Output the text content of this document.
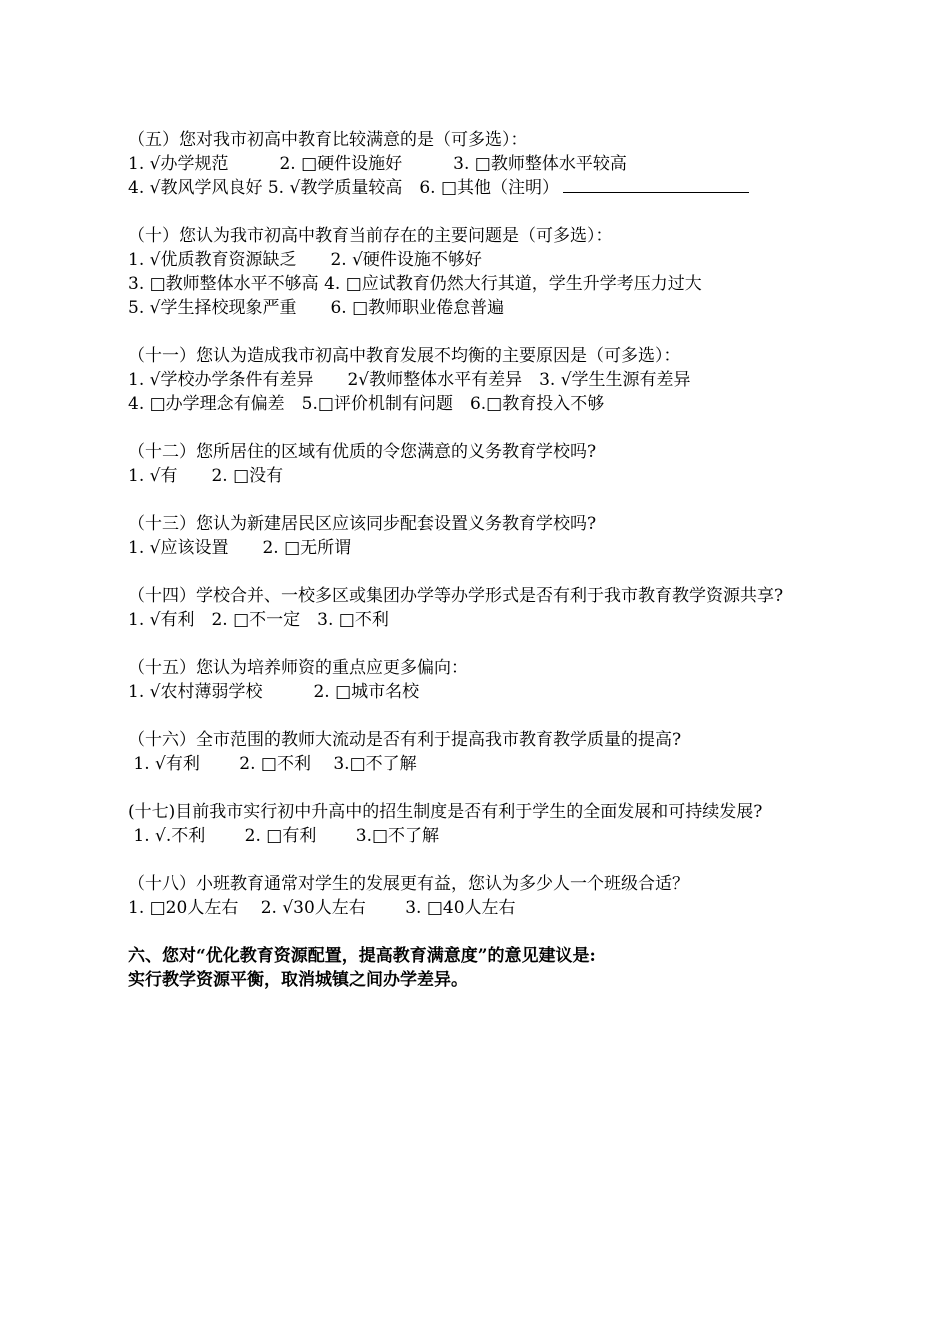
（五）您对我市初高中教育比较满意的是（可多选）：
1. √办学规范　　　2. □硬件设施好　　　3. □教师整体水平较高
4. √教风学风良好 5. √教学质量较高　6. □其他（注明）
（十）您认为我市初高中教育当前存在的主要问题是（可多选）：
1. √优质教育资源缺乏　　2. √硬件设施不够好
3. □教师整体水平不够高 4. □应试教育仍然大行其道，学生升学考压力过大
5. √学生择校现象严重　　6. □教师职业倦怠普遍
（十一）您认为造成我市初高中教育发展不均衡的主要原因是（可多选）：
1. √学校办学条件有差异　　2√教师整体水平有差异　3. √学生生源有差异
4. □办学理念有偏差　5.□评价机制有问题　6.□教育投入不够
（十二）您所居住的区域有优质的令您满意的义务教育学校吗?
1. √有　　2. □没有
（十三）您认为新建居民区应该同步配套设置义务教育学校吗?
1. √应该设置　　2. □无所谓
（十四）学校合并、一校多区或集团办学等办学形式是否有利于我市教育教学资源共享?
1. √有利　2. □不一定　3. □不利
（十五）您认为培养师资的重点应更多偏向：
1. √农村薄弱学校　　　2. □城市名校
（十六）全市范围的教师大流动是否有利于提高我市教育教学质量的提高?
1. √有利　　 2. □不利　 3.□不了解
(十七)目前我市实行初中升高中的招生制度是否有利于学生的全面发展和可持续发展?
1. √.不利　　 2. □有利　　 3.□不了解
（十八）小班教育通常对学生的发展更有益，您认为多少人一个班级合适？
1. □20人左右　 2. √30人左右　　 3. □40人左右
六、您对“优化教育资源配置，提高教育满意度”的意见建议是:
实行教学资源平衡，取消城镇之间办学差异。
